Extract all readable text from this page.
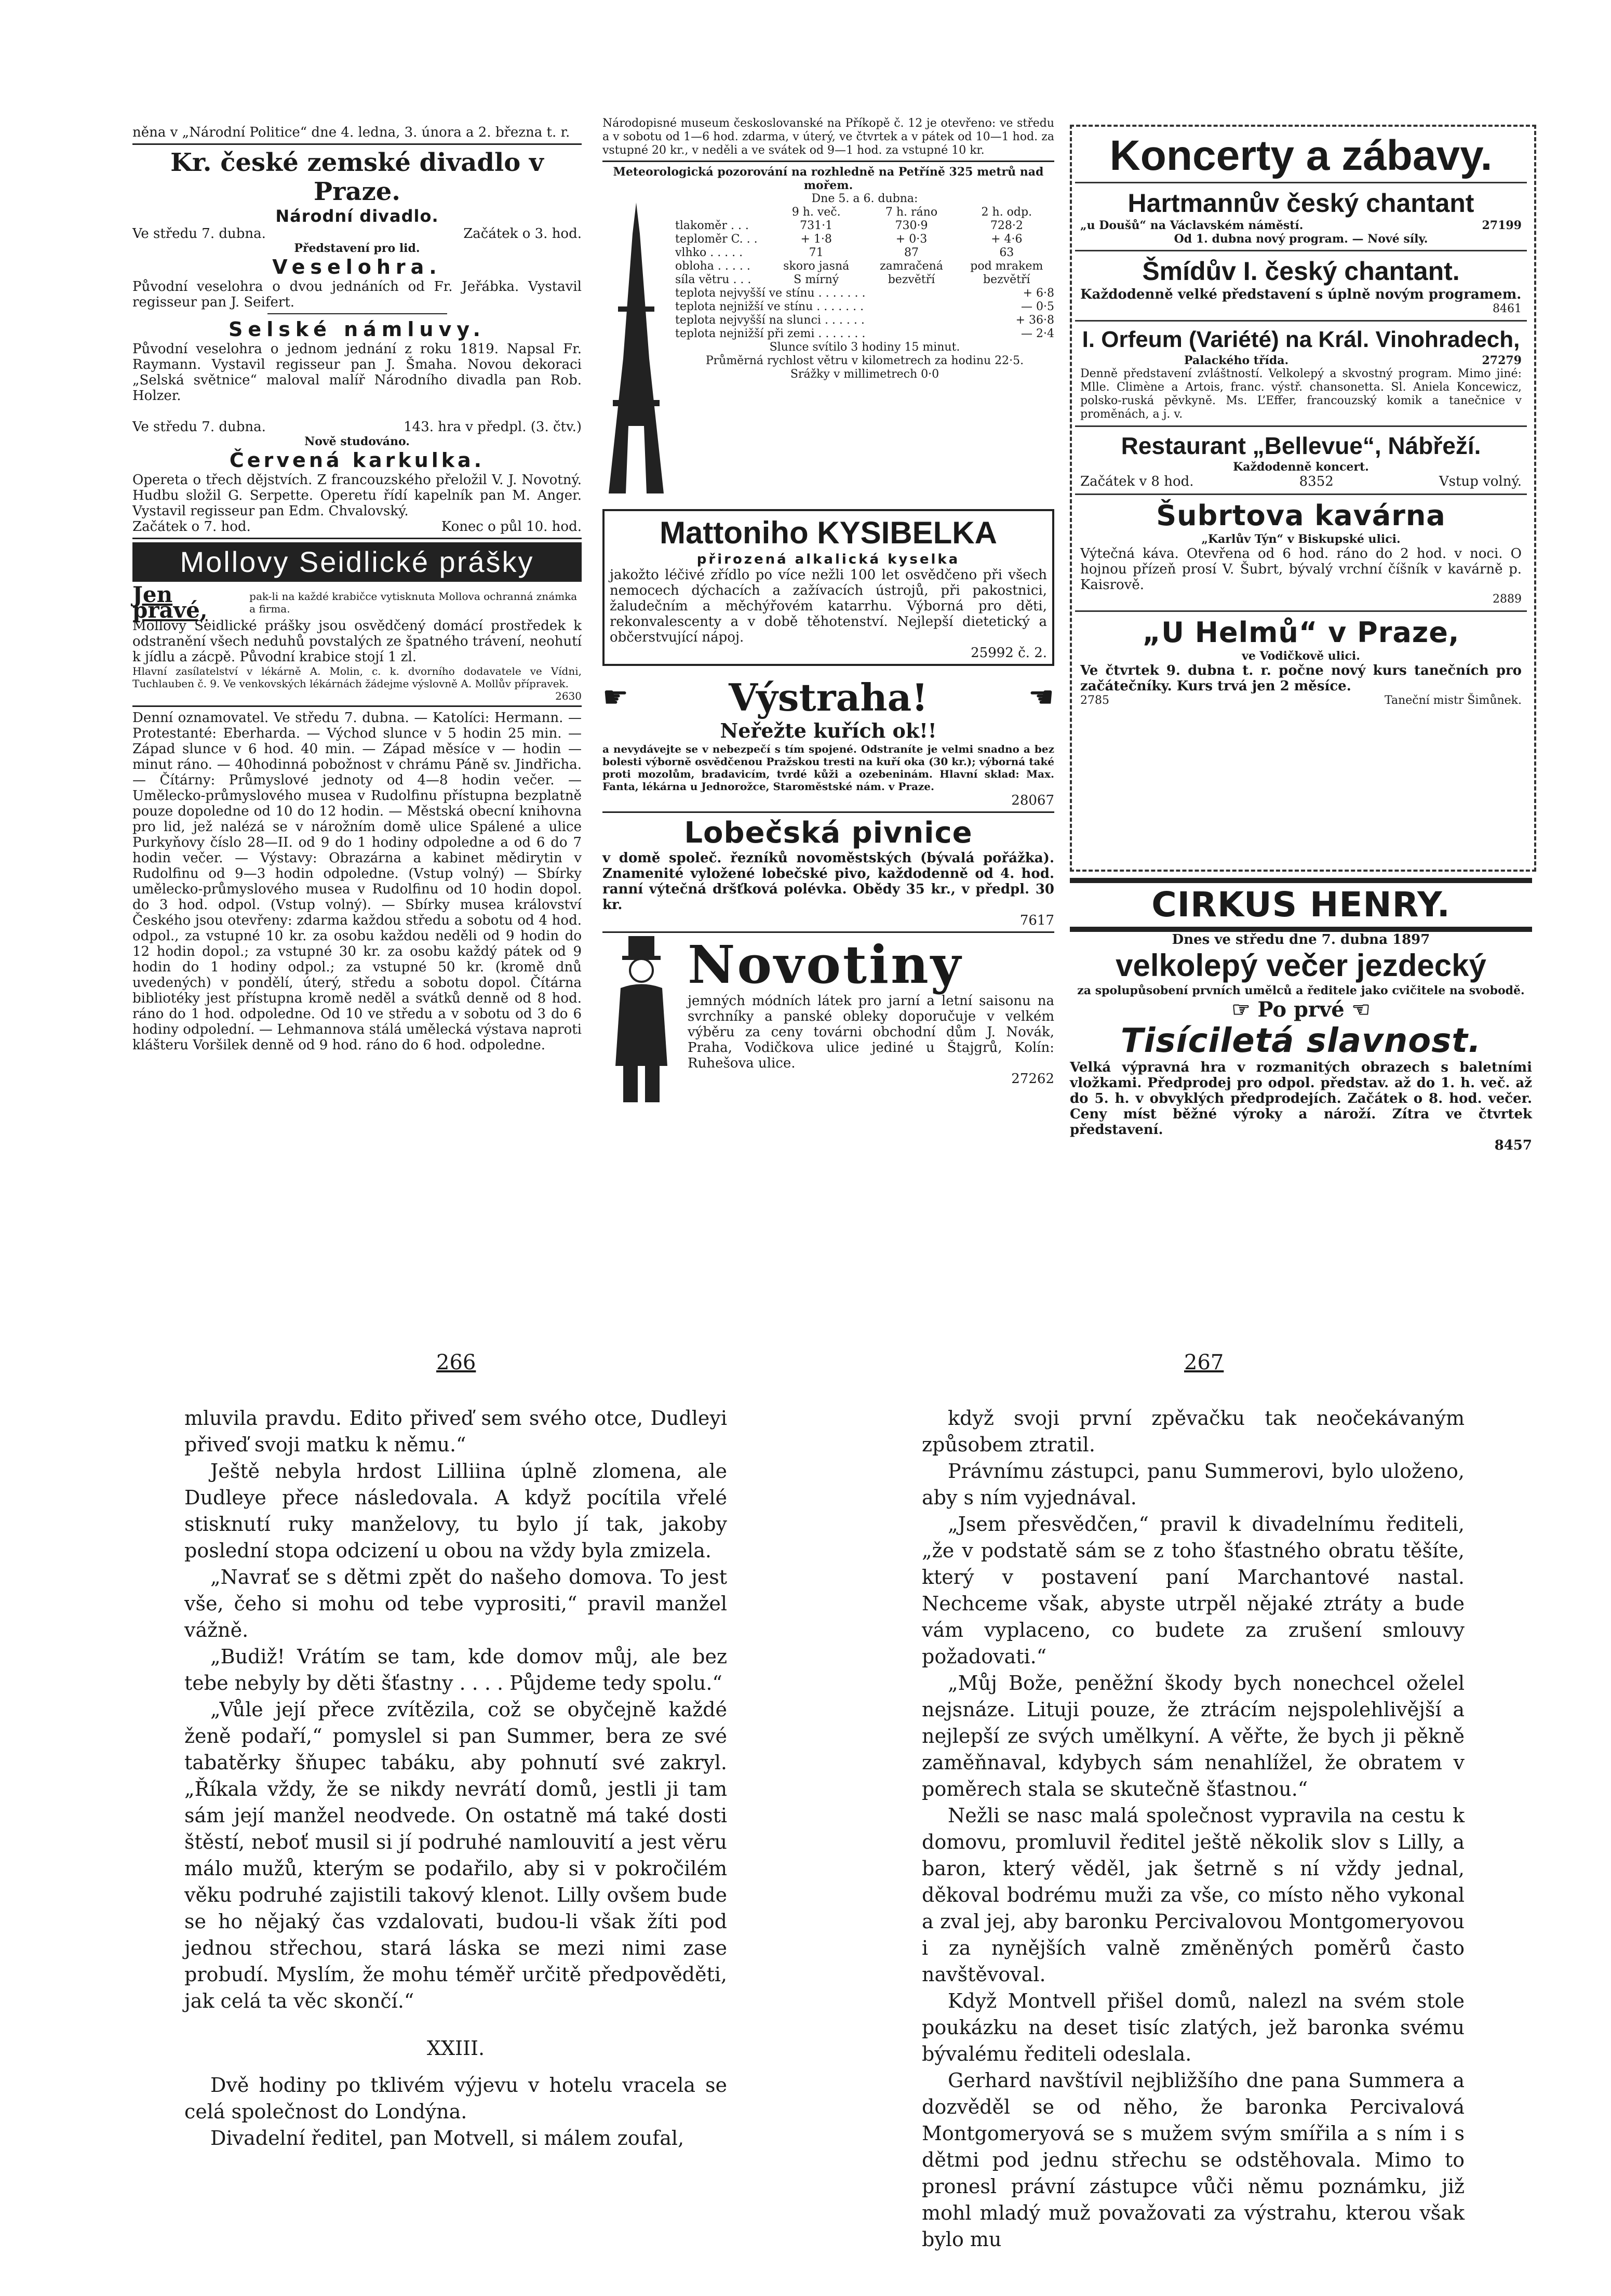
něna v „Národní Politice“ dne 4. ledna, 3. února a 2. března t. r.

Kr. české zemské divadlo v Praze.
Národní divadlo.
Ve středu 7. dubna.	Začátek o 3. hod.
Představení pro lid.
Veselohra.

Původní veselohra o dvou jednáních od Fr. Jeřábka. Vystavil regisseur pan J. Seifert.

Selské námluvy.

Původní veselohra o jednom jednání z roku 1819. Napsal Fr. Raymann. Vystavil regisseur pan J. Šmaha. Novou dekoraci „Selská světnice“ maloval malíř Národního divadla pan Rob. Holzer.

Ve středu 7. dubna.	143. hra v předpl. (3. čtv.)
Nově studováno.
Červená karkulka.

Opereta o třech dějstvích. Z francouzského přeložil V. J. Novotný. Hudbu složil G. Serpette. Operetu řídí kapelník pan M. Anger. Vystavil regisseur pan Edm. Chvalovský.

Začátek o 7. hod.	Konec o půl 10. hod.
Mollovy Seidlické prášky
Jen pravé,
pak-li na každé krabičce vytisknuta Mollova ochranná známka a firma.

Mollovy Seidlické prášky jsou osvědčený domácí prostředek k odstranění všech neduhů povstalých ze špatného trávení, neohutí k jídlu a zácpě. Původní krabice stojí 1 zl.

Hlavní zasílatelství v lékárně A. Molin, c. k. dvorního dodavatele ve Vídni, Tuchlauben č. 9. Ve venkovských lékárnách žádejme výslovně A. Mollův přípravek.

2630

Denní oznamovatel. Ve středu 7. dubna. — Katolíci: Hermann. — Protestanté: Eberharda. — Východ slunce v 5 hodin 25 min. — Západ slunce v 6 hod. 40 min. — Západ měsíce v — hodin — minut ráno. — 40hodinná pobožnost v chrámu Páně sv. Jindřicha. — Čítárny: Průmyslové jednoty od 4—8 hodin večer. — Umělecko-průmyslového musea v Rudolfinu přístupna bezplatně pouze dopoledne od 10 do 12 hodin. — Městská obecní knihovna pro lid, jež nalézá se v nárožním domě ulice Spálené a ulice Purkyňovy číslo 28—II. od 9 do 1 hodiny odpoledne a od 6 do 7 hodin večer. — Výstavy: Obrazárna a kabinet mědirytin v Rudolfinu od 9—3 hodin odpoledne. (Vstup volný) — Sbírky umělecko-průmyslového musea v Rudolfinu od 10 hodin dopol. do 3 hod. odpol. (Vstup volný). — Sbírky musea království Českého jsou otevřeny: zdarma každou středu a sobotu od 4 hod. odpol., za vstupné 10 kr. za osobu každou neděli od 9 hodin do 12 hodin dopol.; za vstupné 30 kr. za osobu každý pátek od 9 hodin do 1 hodiny odpol.; za vstupné 50 kr. (kromě dnů uvedených) v pondělí, úterý, středu a sobotu dopol. Čítárna bibliotéky jest přístupna kromě neděl a svátků denně od 8 hod. ráno do 1 hod. odpoledne. Od 10 ve středu a v sobotu od 3 do 6 hodiny odpolední. — Lehmannova stálá umělecká výstava naproti klášteru Voršilek denně od 9 hod. ráno do 6 hod. odpoledne.

Národopisné museum českoslovanské na Příkopě č. 12 je otevřeno: ve středu a v sobotu od 1—6 hod. zdarma, v úterý, ve čtvrtek a v pátek od 10—1 hod. za vstupné 20 kr., v neděli a ve svátek od 9—1 hod. za vstupné 10 kr.

Meteorologická pozorování na rozhledně na Petříně 325 metrů nad mořem.
Dne 5. a 6. dubna:
9 h. več.	7 h. ráno	2 h. odp.
tlakoměr . . .	731·1	730·9	728·2
teploměr C. . .	+ 1·8	+ 0·3	+ 4·6
vlhko . . . . .	71	87	63
obloha . . . . .	skoro jasná	zamračená	pod mrakem
síla větru . . .	S mírný	bezvětří	bezvětří
teplota nejvyšší ve stínu . . . . . . .	+ 6·8
teplota nejnižší ve stínu . . . . . . .	— 0·5
teplota nejvyšší na slunci . . . . . .	+ 36·8
teplota nejnižší při zemi . . . . . . .	— 2·4
Slunce svítilo 3 hodiny 15 minut.
Průměrná rychlost větru v kilometrech za hodinu 22·5.
Srážky v millimetrech 0·0
Mattoniho KYSIBELKA
přirozená alkalická kyselka

jakožto léčivé zřídlo po více nežli 100 let osvědčeno při všech nemocech dýchacích a zažívacích ústrojů, při pakostnici, žaludečním a měchýřovém katarrhu. Výborná pro děti, rekonvalescenty a v době těhotenství. Nejlepší dietetický a občerstvující nápoj.

25992 č. 2.
☛	Výstraha!	☚
Neřežte kuřích ok!!

a nevydávejte se v nebezpečí s tím spojené. Odstraníte je velmi snadno a bez bolesti výborně osvědčenou Pražskou tresti na kuří oka (30 kr.); výborná také proti mozolům, bradavicím, tvrdé kůži a ozebeninám. Hlavní sklad: Max. Fanta, lékárna u Jednorožce, Staroměstské nám. v Praze.

28067
Lobečská pivnice

v domě společ. řezníků novoměstských (bývalá pořážka). Znamenité vyložené lobečské pivo, každodenně od 4. hod. ranní výtečná dršťková polévka. Obědy 35 kr., v předpl. 30 kr.

7617
Novotiny

jemných módních látek pro jarní a letní saisonu na svrchníky a panské obleky doporučuje v velkém výběru za ceny továrni obchodní dům J. Novák, Praha, Vodičkova ulice jediné u Štajgrů, Kolín: Ruhešova ulice.

27262
Koncerty a zábavy.
Hartmannův český chantant
„u Doušů“ na Václavském náměstí.	27199
Od 1. dubna nový program. — Nové síly.
Šmídův I. český chantant.

Každodenně velké představení s úplně novým programem.

8461
I. Orfeum (Variété) na Král. Vinohradech,
Palackého třída.	27279

Denně představení zvláštností. Velkolepý a skvostný program. Mimo jiné: Mlle. Climène a Artois, franc. výstř. chansonetta. Sl. Aniela Koncewicz, polsko-ruská pěvkyně. Ms. L’Effer, francouzský komik a tanečnice v proměnách, a j. v.

Restaurant „Bellevue“, Nábřeží.
Každodenně koncert.
Začátek v 8 hod.	8352	Vstup volný.
Šubrtova kavárna
„Karlův Týn“ v Biskupské ulici.

Výtečná káva. Otevřena od 6 hod. ráno do 2 hod. v noci. O hojnou přízeň prosí V. Šubrt, bývalý vrchní číšník v kavárně p. Kaisrově.

2889
„U Helmů“ v Praze,
ve Vodičkově ulici.

Ve čtvrtek 9. dubna t. r. počne nový kurs tanečních pro začátečníky. Kurs trvá jen 2 měsíce.

2785	Taneční mistr Šimůnek.
CIRKUS HENRY.
Dnes ve středu dne 7. dubna 1897
velkolepý večer jezdecký
za spolupůsobení prvních umělců a ředitele jako cvičitele na svobodě.
☞ Po prvé ☜
Tisíciletá slavnost.

Velká výpravná hra v rozmanitých obrazech s baletními vložkami. Předprodej pro odpol. představ. až do 1. h. več. až do 5. h. v obvyklých předprodejích. Začátek o 8. hod. večer. Ceny míst běžné výroky a nároží. Zítra ve čtvrtek představení.

8457
266	267

mluvila pravdu. Edito přiveď sem svého otce, Dudleyi přiveď svoji matku k němu.“

Ještě nebyla hrdost Lilliina úplně zlomena, ale Dudleye přece následovala. A když pocítila vřelé stisknutí ruky manželovy, tu bylo jí tak, jakoby poslední stopa odcizení u obou na vždy byla zmizela.

„Navrať se s dětmi zpět do našeho domova. To jest vše, čeho si mohu od tebe vyprositi,“ pravil manžel vážně.

„Budiž! Vrátím se tam, kde domov můj, ale bez tebe nebyly by děti šťastny . . . . Půjdeme tedy spolu.“

„Vůle její přece zvítězila, což se obyčejně každé ženě podaří,“ pomyslel si pan Summer, bera ze své tabatěrky šňupec tabáku, aby pohnutí své zakryl. „Říkala vždy, že se nikdy nevrátí domů, jestli ji tam sám její manžel neodvede. On ostatně má také dosti štěstí, neboť musil si jí podruhé namlouvití a jest věru málo mužů, kterým se podařilo, aby si v pokročilém věku podruhé zajistili takový klenot. Lilly ovšem bude se ho nějaký čas vzdalovati, budou-li však žíti pod jednou střechou, stará láska se mezi nimi zase probudí. Myslím, že mohu téměř určitě předpověděti, jak celá ta věc skončí.“

XXIII.

Dvě hodiny po tklivém výjevu v hotelu vracela se celá společnost do Londýna.

Divadelní ředitel, pan Motvell, si málem zoufal,

když svoji první zpěvačku tak neočekávaným způsobem ztratil.

Právnímu zástupci, panu Summerovi, bylo uloženo, aby s ním vyjednával.

„Jsem přesvědčen,“ pravil k divadelnímu řediteli, „že v podstatě sám se z toho šťastného obratu těšíte, který v postavení paní Marchantové nastal. Nechceme však, abyste utrpěl nějaké ztráty a bude vám vyplaceno, co budete za zrušení smlouvy požadovati.“

„Můj Bože, peněžní škody bych nonechcel oželel nejsnáze. Lituji pouze, že ztrácím nejspolehlivější a nejlepší ze svých umělkyní. A věřte, že bych ji pěkně zaměňnaval, kdybych sám nenahlížel, že obratem v poměrech stala se skutečně šťastnou.“

Nežli se nasc malá společnost vypravila na cestu k domovu, promluvil ředitel ještě několik slov s Lilly, a baron, který věděl, jak šetrně s ní vždy jednal, děkoval bodrému muži za vše, co místo něho vykonal a zval jej, aby baronku Percivalovou Montgomeryovou i za nynějších valně změněných poměrů často navštěvoval.

Když Montvell přišel domů, nalezl na svém stole poukázku na deset tisíc zlatých, jež baronka svému bývalému řediteli odeslala.

Gerhard navštívil nejbližšího dne pana Summera a dozvěděl se od něho, že baronka Percivalová Montgomeryová se s mužem svým smířila a s ním i s dětmi pod jednu střechu se odstěhovala. Mimo to pronesl právní zástupce vůči němu poznámku, již mohl mladý muž považovati za výstrahu, kterou však bylo mu
